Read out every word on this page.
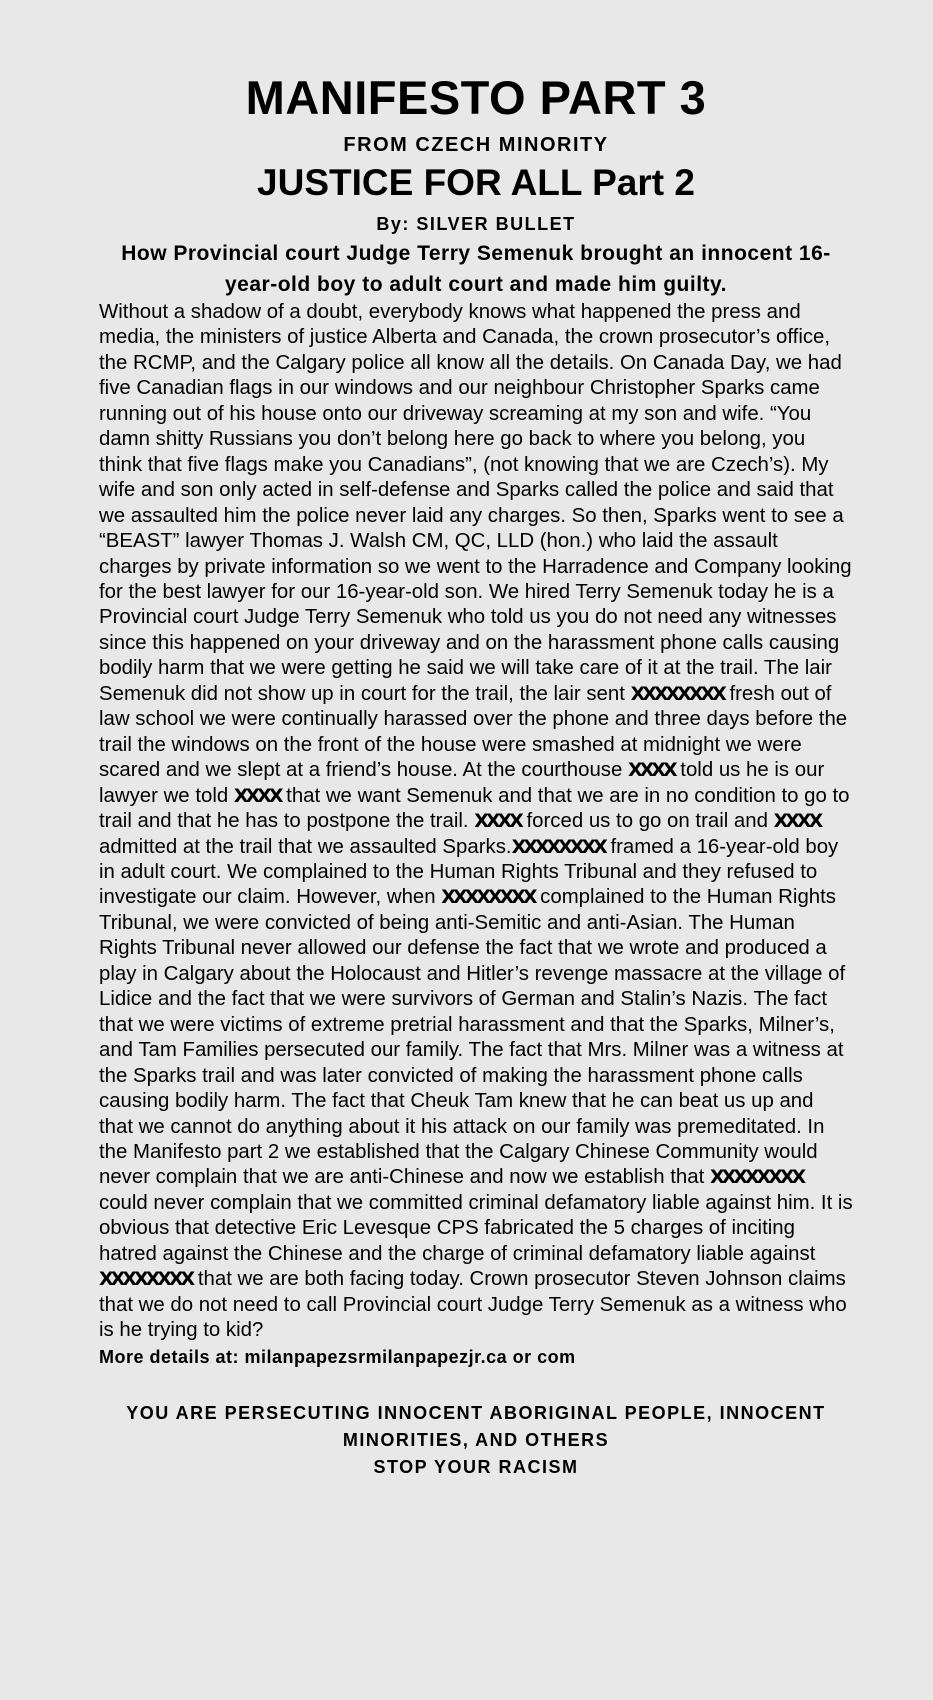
MANIFESTO PART 3
FROM CZECH MINORITY
JUSTICE FOR ALL Part 2
By: SILVER BULLET
How Provincial court Judge Terry Semenuk brought an innocent 16-year-old boy to adult court and made him guilty.

Without a shadow of a doubt, everybody knows what happened the press and media, the ministers of justice Alberta and Canada, the crown prosecutor’s office, the RCMP, and the Calgary police all know all the details. On Canada Day, we had five Canadian flags in our windows and our neighbour Christopher Sparks came running out of his house onto our driveway screaming at my son and wife. “You damn shitty Russians you don’t belong here go back to where you belong, you think that five flags make you Canadians”, (not knowing that we are Czech’s). My wife and son only acted in self-defense and Sparks called the police and said that we assaulted him the police never laid any charges. So then, Sparks went to see a “BEAST” lawyer Thomas J. Walsh CM, QC, LLD (hon.) who laid the assault charges by private information so we went to the Harradence and Company looking for the best lawyer for our 16-year-old son. We hired Terry Semenuk today he is a Provincial court Judge Terry Semenuk who told us you do not need any witnesses since this happened on your driveway and on the harassment phone calls causing bodily harm that we were getting he said we will take care of it at the trail. The lair Semenuk did not show up in court for the trail, the lair sent XXXXXXXX fresh out of law school we were continually harassed over the phone and three days before the trail the windows on the front of the house were smashed at midnight we were scared and we slept at a friend’s house. At the courthouse XXXX told us he is our lawyer we told XXXX that we want Semenuk and that we are in no condition to go to trail and that he has to postpone the trail. XXXX forced us to go on trail and XXXX admitted at the trail that we assaulted Sparks.XXXXXXXX framed a 16-year-old boy in adult court. We complained to the Human Rights Tribunal and they refused to investigate our claim. However, when XXXXXXXX complained to the Human Rights Tribunal, we were convicted of being anti-Semitic and anti-Asian. The Human Rights Tribunal never allowed our defense the fact that we wrote and produced a play in Calgary about the Holocaust and Hitler’s revenge massacre at the village of Lidice and the fact that we were survivors of German and Stalin’s Nazis. The fact that we were victims of extreme pretrial harassment and that the Sparks, Milner’s, and Tam Families persecuted our family. The fact that Mrs. Milner was a witness at the Sparks trail and was later convicted of making the harassment phone calls causing bodily harm. The fact that Cheuk Tam knew that he can beat us up and that we cannot do anything about it his attack on our family was premeditated. In the Manifesto part 2 we established that the Calgary Chinese Community would never complain that we are anti-Chinese and now we establish that XXXXXXXX could never complain that we committed criminal defamatory liable against him. It is obvious that detective Eric Levesque CPS fabricated the 5 charges of inciting hatred against the Chinese and the charge of criminal defamatory liable against XXXXXXXX that we are both facing today. Crown prosecutor Steven Johnson claims that we do not need to call Provincial court Judge Terry Semenuk as a witness who is he trying to kid?

More details at: milanpapezsrmilanpapezjr.ca or com

YOU ARE PERSECUTING INNOCENT ABORIGINAL PEOPLE, INNOCENT MINORITIES, AND OTHERS
STOP YOUR RACISM
